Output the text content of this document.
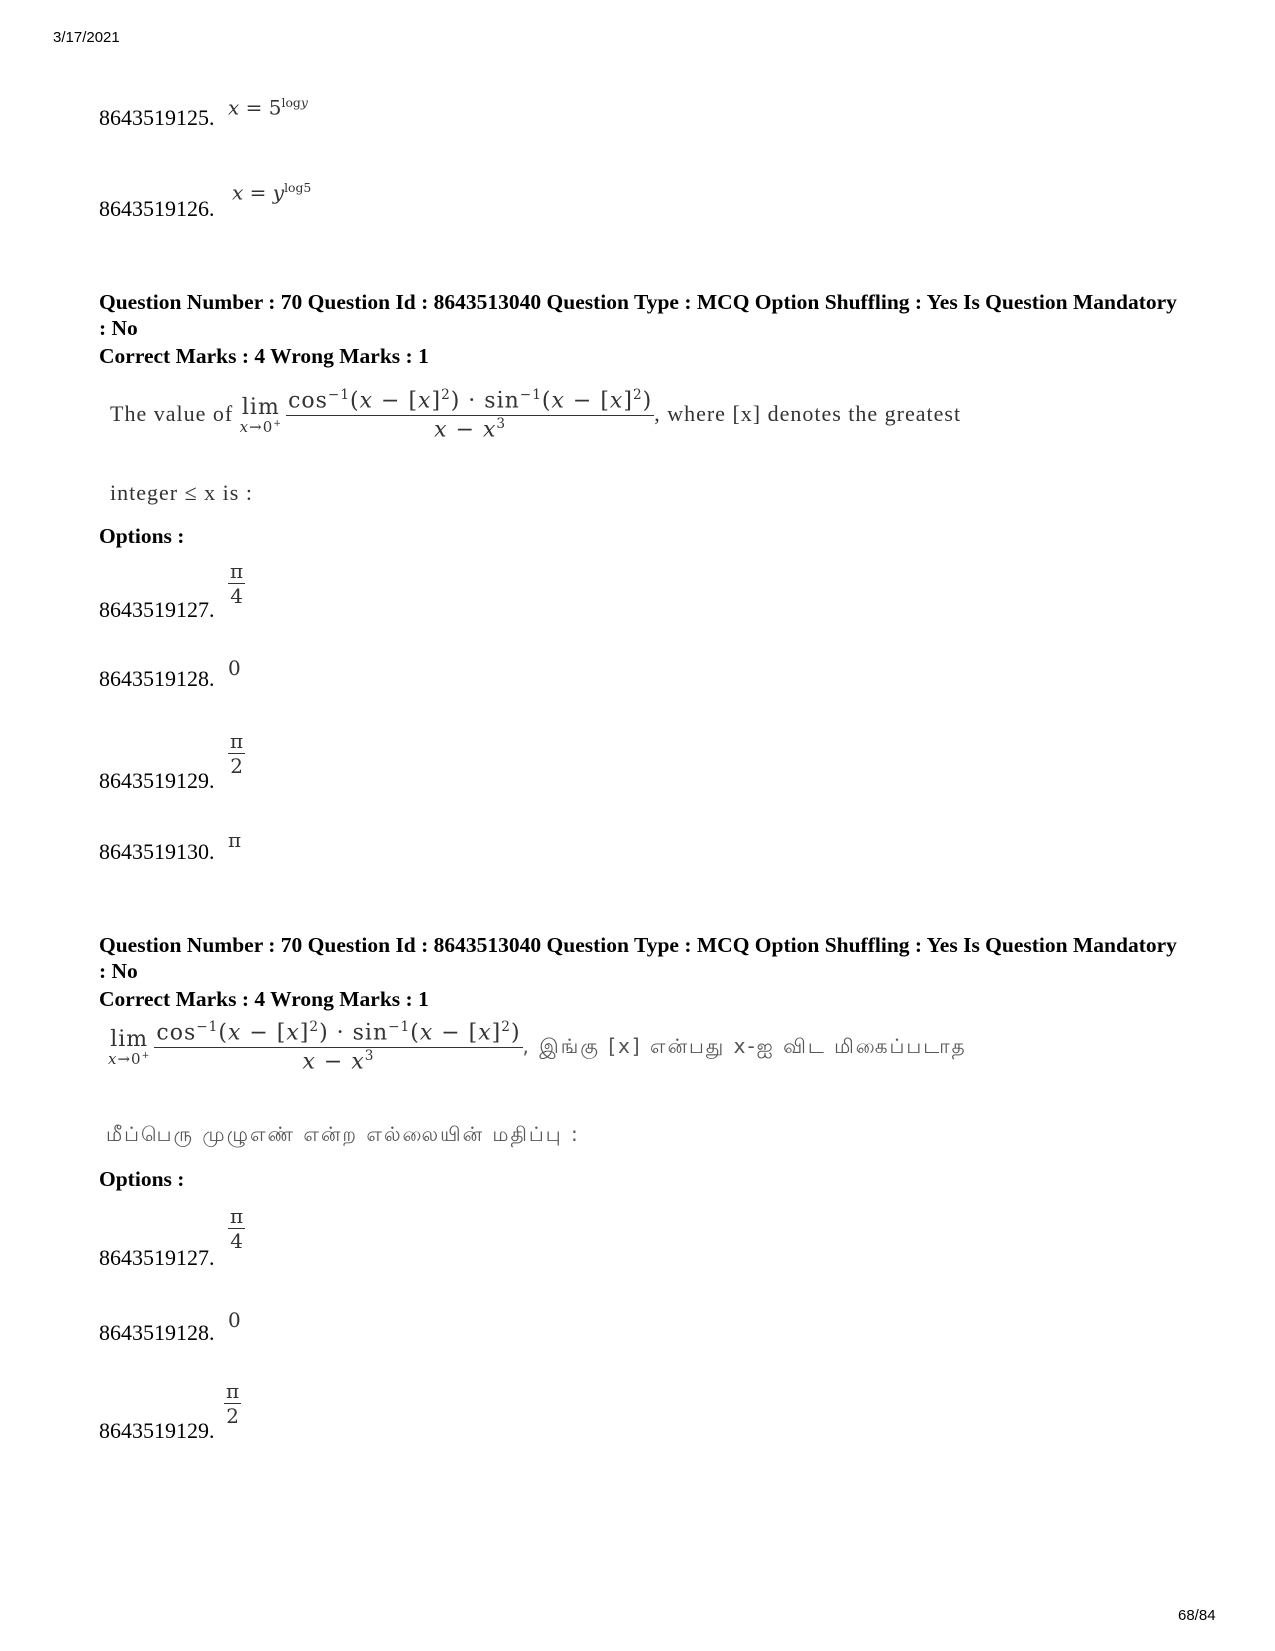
3/17/2021
8643519125. $x = 5^{logy}$
8643519126.
$x = y^{log5}$
Question Number : 70 Question Id : 8643513040 Question Type : MCQ Option Shuffling : Yes Is Question Mandatory : No
Correct Marks : 4 Wrong Marks : 1
The value of lim
$x\to 0^+ \frac{\cos^{-1}(x - [x]^2) \cdot \sin^{-1}(x - [x]^2)}{x - x^3}$ , where [x] denotes the greatest
integer ≤ x is :
Options :
8643519127.
$\frac{\pi}{4}$
8643519128. 0
8643519129.
$\frac{\pi}{2}$
8643519130. π
Question Number : 70 Question Id : 8643513040 Question Type : MCQ Option Shuffling : Yes Is Question Mandatory : No
Correct Marks : 4 Wrong Marks : 1
lim
$x\to 0^+ \frac{\cos^{-1}(x - [x]^2) \cdot \sin^{-1}(x - [x]^2)}{x - x^3}$ , இங்கு [x] என்பது x-ஐ விட மிகைப்படாத
மீப்பெரு முழுஎண் என்ற எல்லையின் மதிப்பு :
Options :
8643519127.
$\frac{\pi}{4}$
8643519128. 0
8643519129.
$\frac{\pi}{2}$
68/84
